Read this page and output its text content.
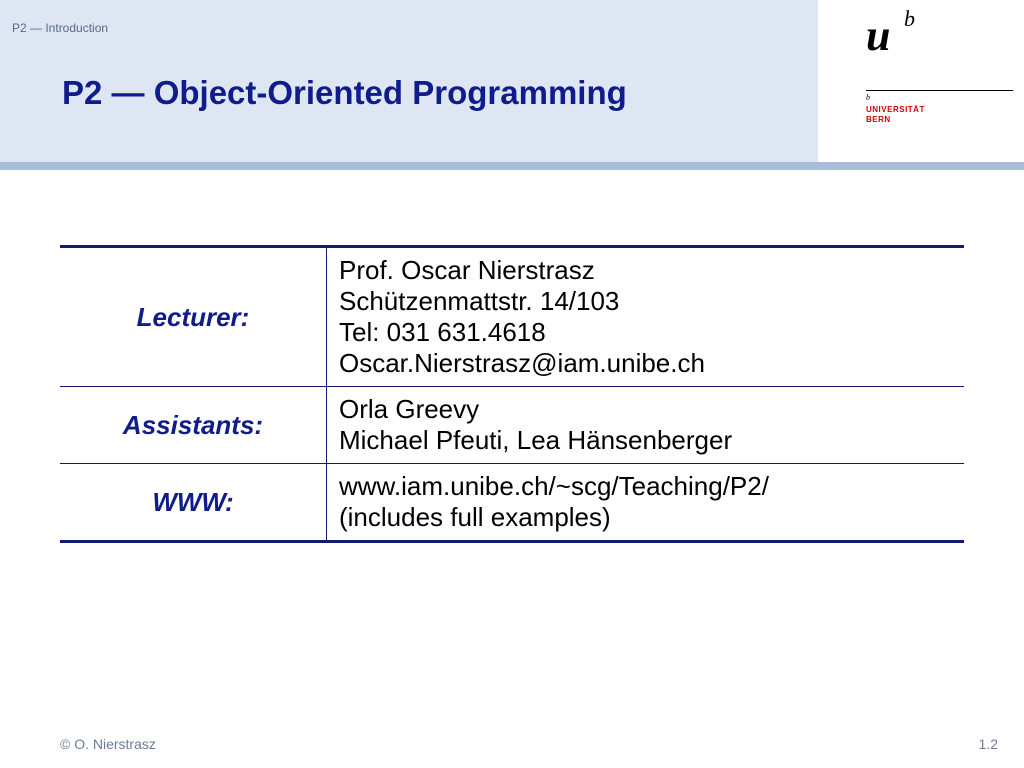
P2 — Introduction
P2 — Object-Oriented Programming
u b
b
UNIVERSITÄT
BERN
Lecturer:	Prof. Oscar Nierstrasz
Schützenmattstr. 14/103
Tel: 031 631.4618
Oscar.Nierstrasz@iam.unibe.ch

Assistants:	Orla Greevy
Michael Pfeuti, Lea Hänsenberger

WWW:	www.iam.unibe.ch/~scg/Teaching/P2/
(includes full examples)
© O. Nierstrasz	1.2
